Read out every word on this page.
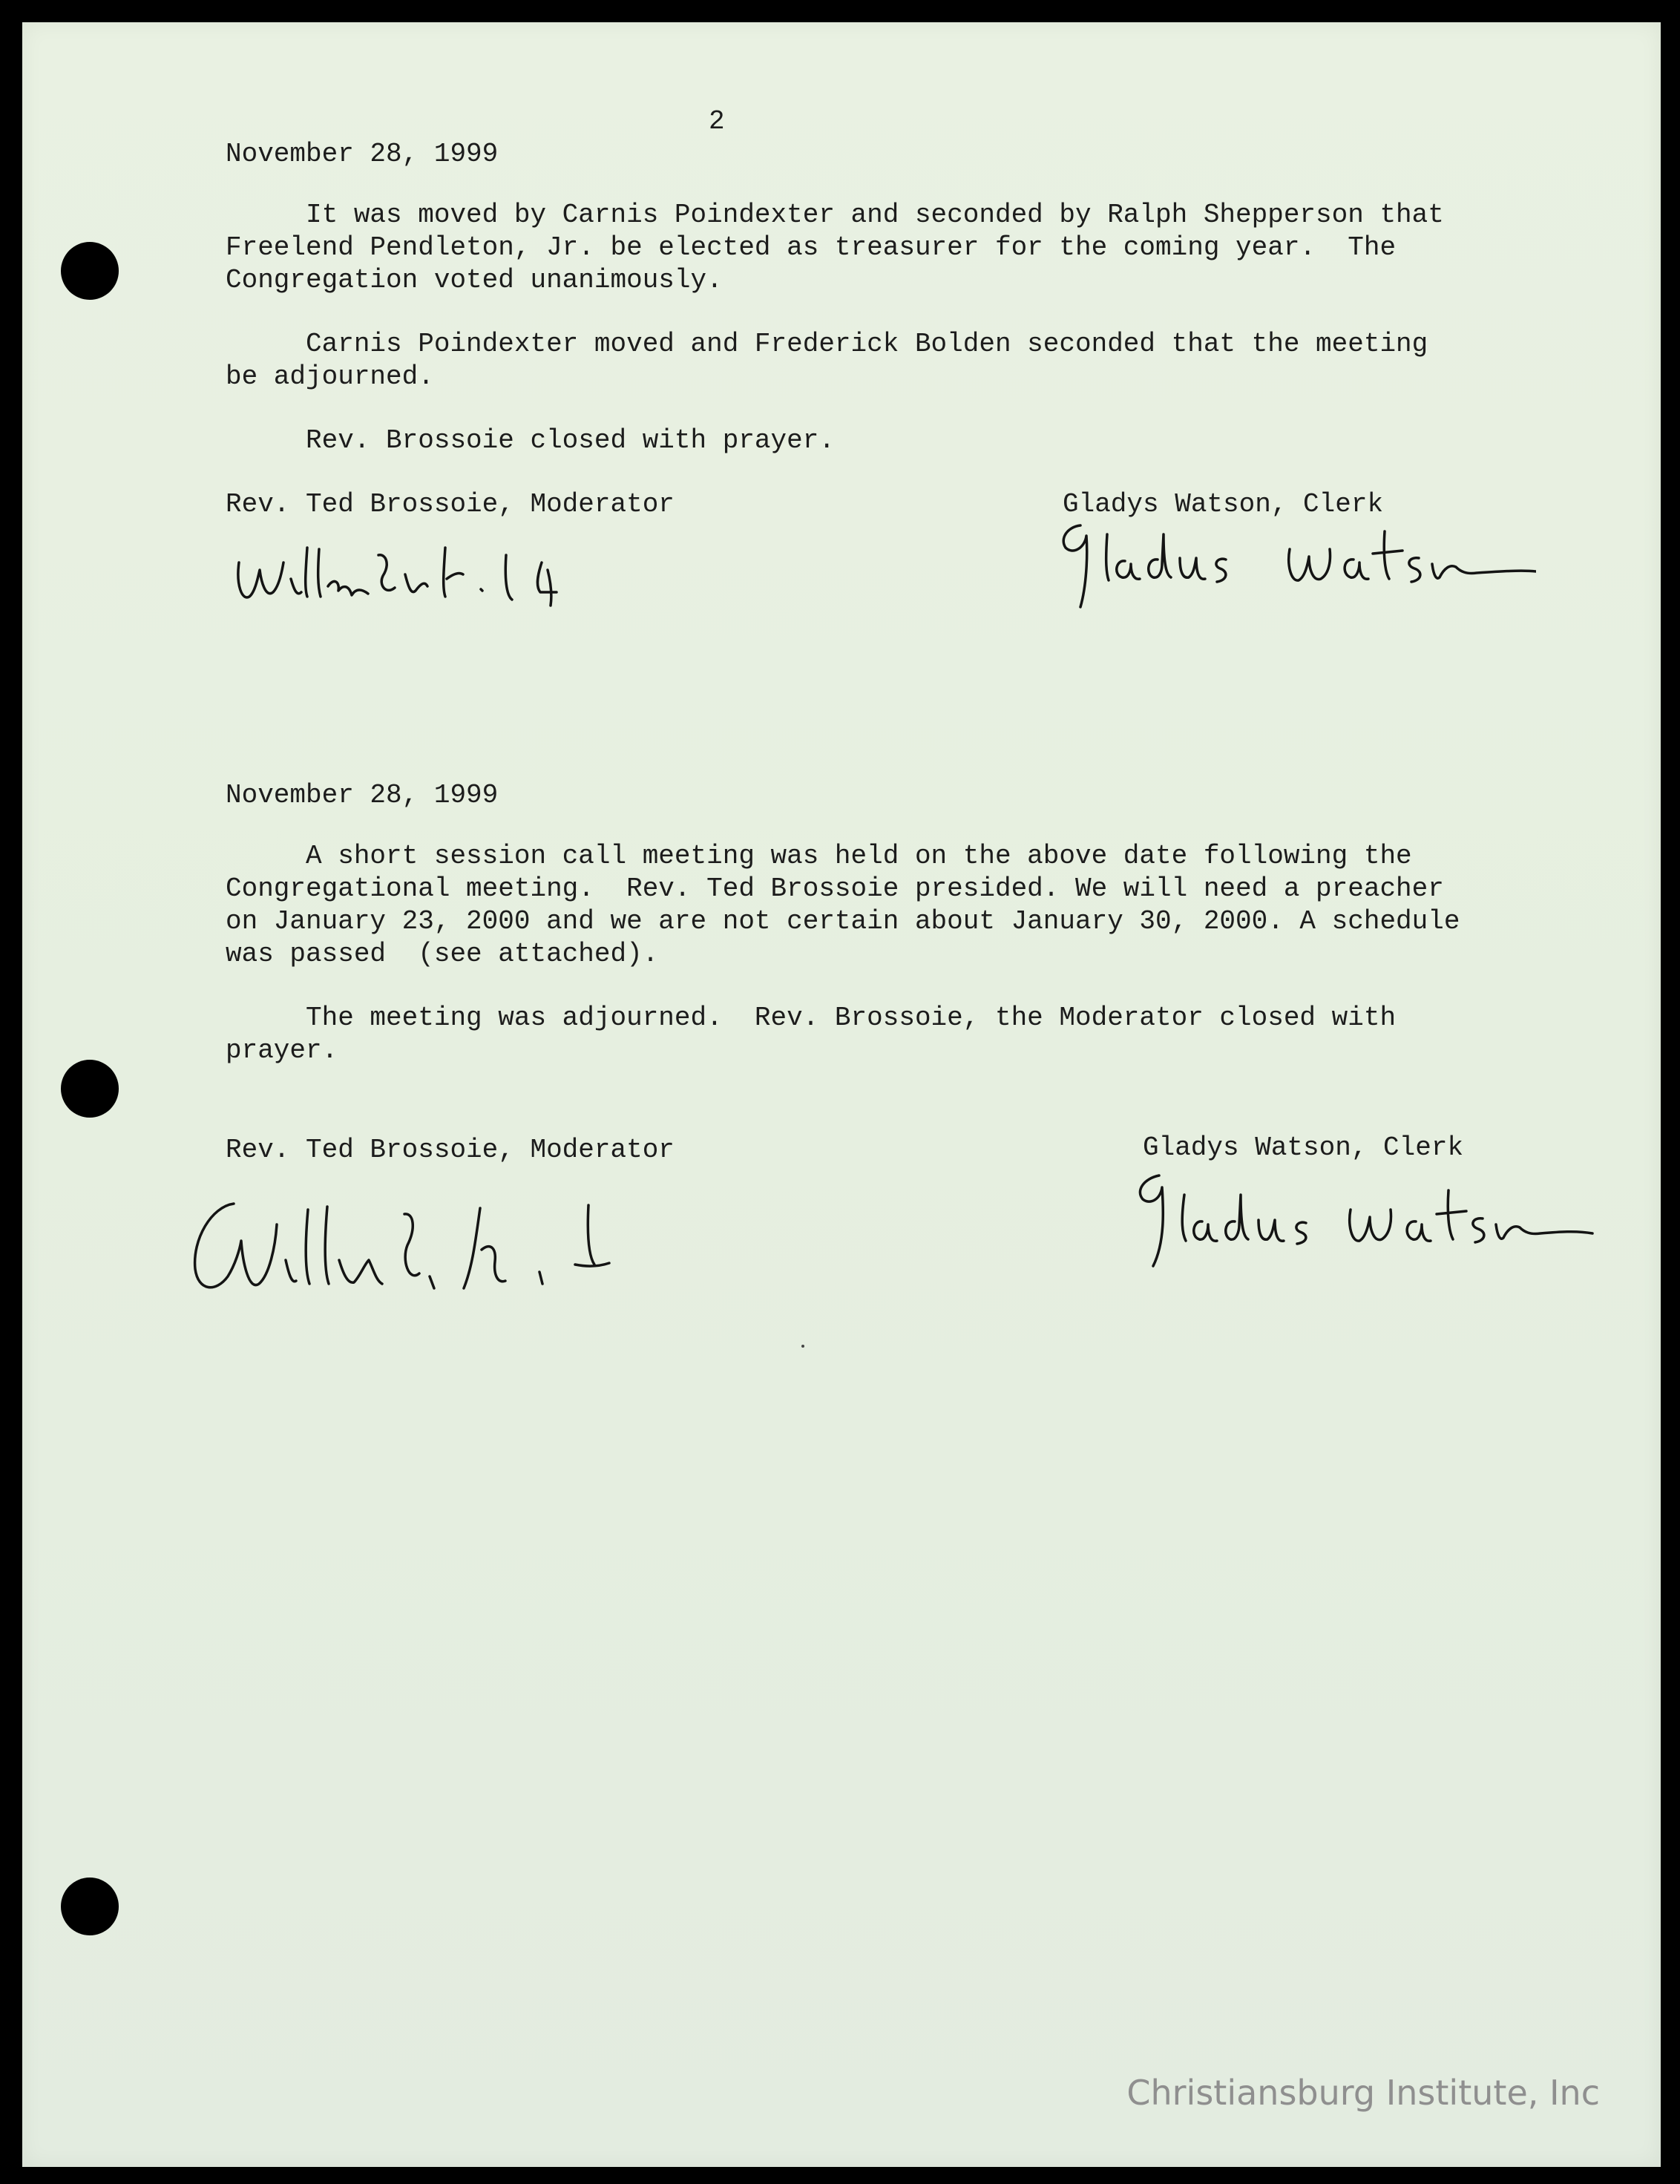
2

November 28, 1999

It was moved by Carnis Poindexter and seconded by Ralph Shepperson that

Freelend Pendleton, Jr. be elected as treasurer for the coming year.  The

Congregation voted unanimously.

Carnis Poindexter moved and Frederick Bolden seconded that the meeting

be adjourned.

Rev. Brossoie closed with prayer.

Rev. Ted Brossoie, Moderator	Gladys Watson, Clerk

November 28, 1999

A short session call meeting was held on the above date following the

Congregational meeting.  Rev. Ted Brossoie presided. We will need a preacher

on January 23, 2000 and we are not certain about January 30, 2000. A schedule

was passed  (see attached).

The meeting was adjourned.  Rev. Brossoie, the Moderator closed with

prayer.

Rev. Ted Brossoie, Moderator	Gladys Watson, Clerk

Christiansburg Institute, Inc
